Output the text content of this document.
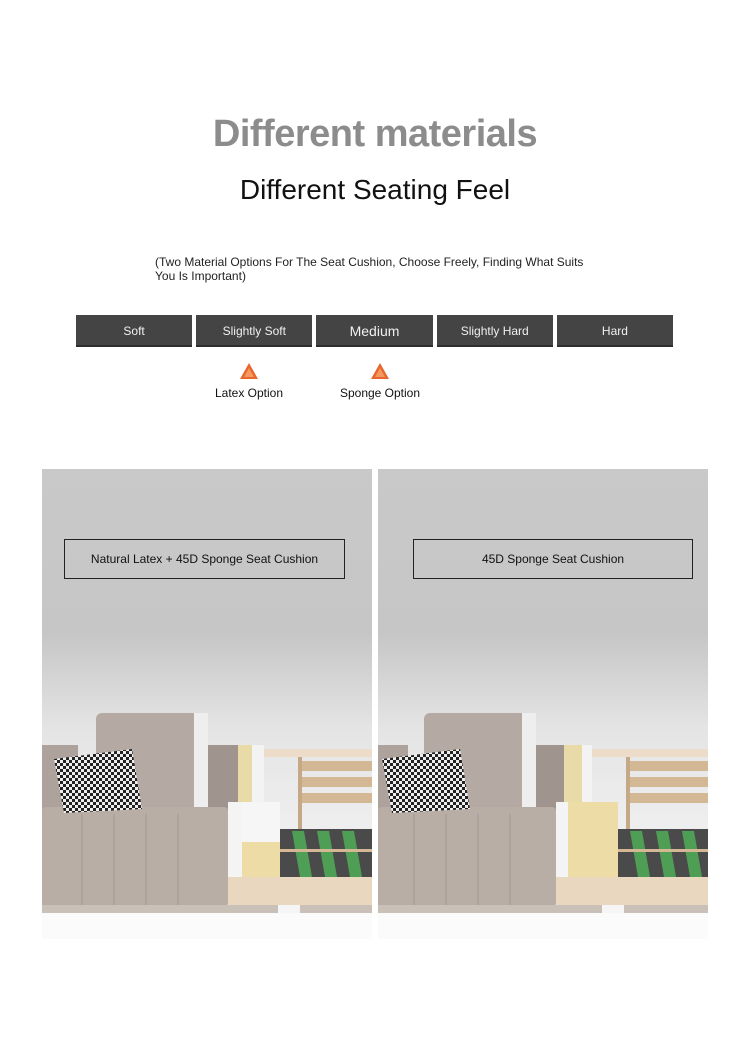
Different materials
Different Seating Feel
(Two Material Options For The Seat Cushion, Choose Freely, Finding What Suits You Is Important)
Soft	Slightly Soft	Medium	Slightly Hard	Hard
Latex Option	Sponge Option
Natural Latex + 45D Sponge Seat Cushion	45D Sponge Seat Cushion
